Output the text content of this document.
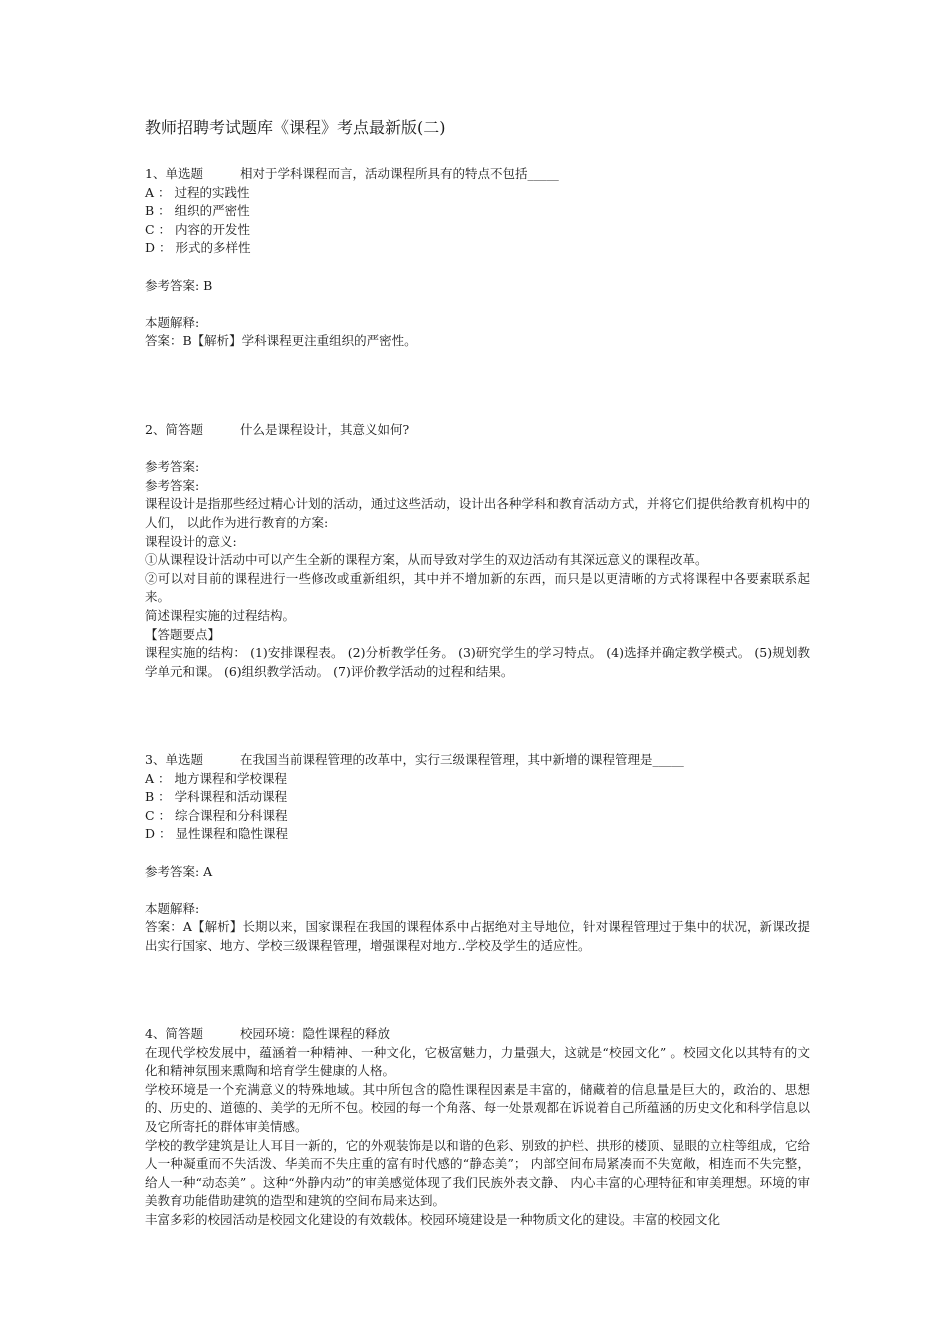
教师招聘考试题库《课程》考点最新版(二)
1、单选题	相对于学科课程而言，活动课程所具有的特点不包括_____
A ： 过程的实践性
B ： 组织的严密性
C ： 内容的开发性
D ： 形式的多样性
参考答案: B
本题解释:
答案：B【解析】学科课程更注重组织的严密性。
2、简答题	什么是课程设计，其意义如何?
参考答案:
参考答案:
课程设计是指那些经过精心计划的活动，通过这些活动，设计出各种学科和教育活动方式，并将它们提供给教育机构中的人们， 以此作为进行教育的方案:
课程设计的意义:
①从课程设计活动中可以产生全新的课程方案，从而导致对学生的双边活动有其深远意义的课程改革。
②可以对目前的课程进行一些修改或重新组织，其中并不增加新的东西，而只是以更清晰的方式将课程中各要素联系起来。
简述课程实施的过程结构。
【答题要点】
课程实施的结构： (1)安排课程表。 (2)分析教学任务。 (3)研究学生的学习特点。 (4)选择并确定教学模式。 (5)规划教学单元和课。 (6)组织教学活动。 (7)评价教学活动的过程和结果。
3、单选题	在我国当前课程管理的改革中，实行三级课程管理，其中新增的课程管理是_____
A ： 地方课程和学校课程
B ： 学科课程和活动课程
C ： 综合课程和分科课程
D ： 显性课程和隐性课程
参考答案: A
本题解释:
答案：A【解析】长期以来，国家课程在我国的课程体系中占据绝对主导地位，针对课程管理过于集中的状况，新课改提出实行国家、地方、学校三级课程管理，增强课程对地方..学校及学生的适应性。
4、简答题	校园环境：隐性课程的释放
在现代学校发展中，蕴涵着一种精神、一种文化，它极富魅力，力量强大，这就是“校园文化” 。校园文化以其特有的文化和精神氛围来熏陶和培育学生健康的人格。
学校环境是一个充满意义的特殊地域。其中所包含的隐性课程因素是丰富的，储藏着的信息量是巨大的，政治的、思想的、历史的、道德的、美学的无所不包。校园的每一个角落、每一处景观都在诉说着自己所蕴涵的历史文化和科学信息以及它所寄托的群体审美情感。
学校的教学建筑是让人耳目一新的，它的外观装饰是以和谐的色彩、别致的护栏、拱形的楼顶、显眼的立柱等组成，它给人一种凝重而不失活泼、华美而不失庄重的富有时代感的“静态美”； 内部空间布局紧凑而不失宽敞，相连而不失完整，给人一种“动态美” 。这种“外静内动”的审美感觉体现了我们民族外表文静、 内心丰富的心理特征和审美理想。环境的审美教育功能借助建筑的造型和建筑的空间布局来达到。
丰富多彩的校园活动是校园文化建设的有效载体。校园环境建设是一种物质文化的建设。丰富的校园文化
